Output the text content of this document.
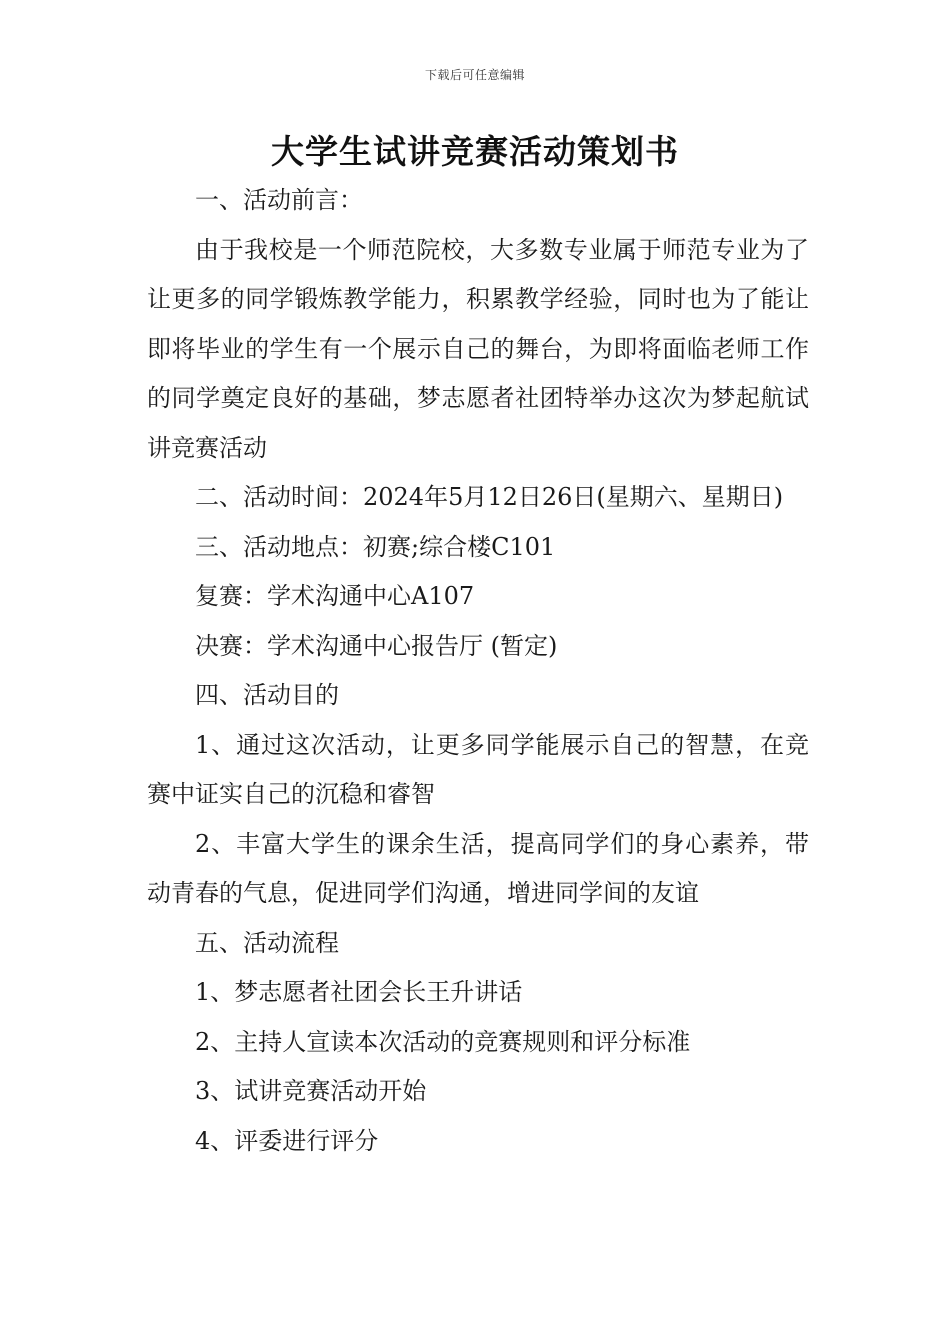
下载后可任意编辑
大学生试讲竞赛活动策划书

一、活动前言：

由于我校是一个师范院校，大多数专业属于师范专业为了让更多的同学锻炼教学能力，积累教学经验，同时也为了能让即将毕业的学生有一个展示自己的舞台，为即将面临老师工作的同学奠定良好的基础，梦志愿者社团特举办这次为梦起航试讲竞赛活动

二、活动时间：2024年5月12日26日(星期六、星期日)

三、活动地点：初赛;综合楼C101

复赛：学术沟通中心A107

决赛：学术沟通中心报告厅 (暂定)

四、活动目的

1、通过这次活动，让更多同学能展示自己的智慧，在竞赛中证实自己的沉稳和睿智

2、丰富大学生的课余生活，提高同学们的身心素养，带动青春的气息，促进同学们沟通，增进同学间的友谊

五、活动流程

1、梦志愿者社团会长王升讲话

2、主持人宣读本次活动的竞赛规则和评分标准

3、试讲竞赛活动开始

4、评委进行评分
